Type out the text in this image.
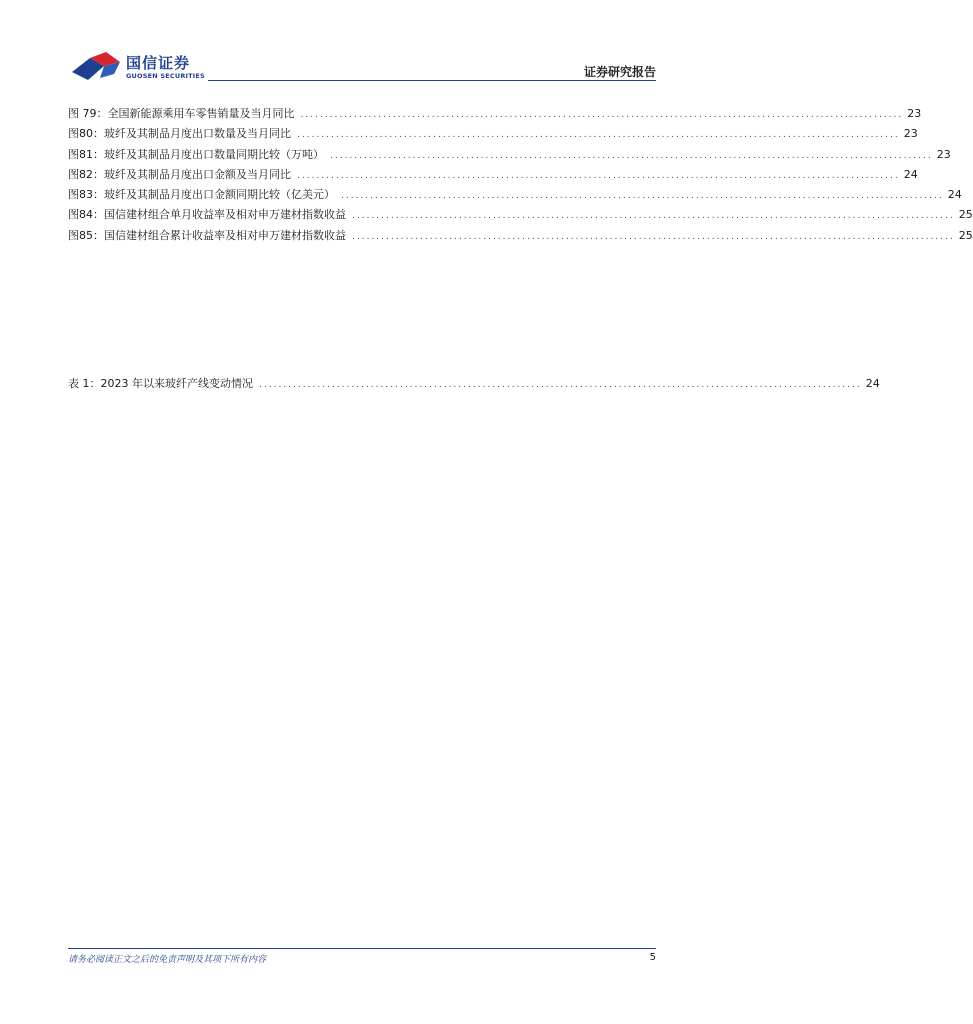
国信证券
GUOSEN SECURITIES	证券研究报告
图 79： 全国新能源乘用车零售销量及当月同比 ............................................................................................................................ 23
图80： 玻纤及其制品月度出口数量及当月同比 ............................................................................................................................ 23
图81： 玻纤及其制品月度出口数量同期比较（万吨） ............................................................................................................................ 23
图82： 玻纤及其制品月度出口金额及当月同比 ............................................................................................................................ 24
图83： 玻纤及其制品月度出口金额同期比较（亿美元） ............................................................................................................................ 24
图84： 国信建材组合单月收益率及相对申万建材指数收益 ............................................................................................................................ 25
图85： 国信建材组合累计收益率及相对申万建材指数收益 ............................................................................................................................ 25
表 1： 2023 年以来玻纤产线变动情况 ............................................................................................................................ 24
请务必阅读正文之后的免责声明及其项下所有内容	5
